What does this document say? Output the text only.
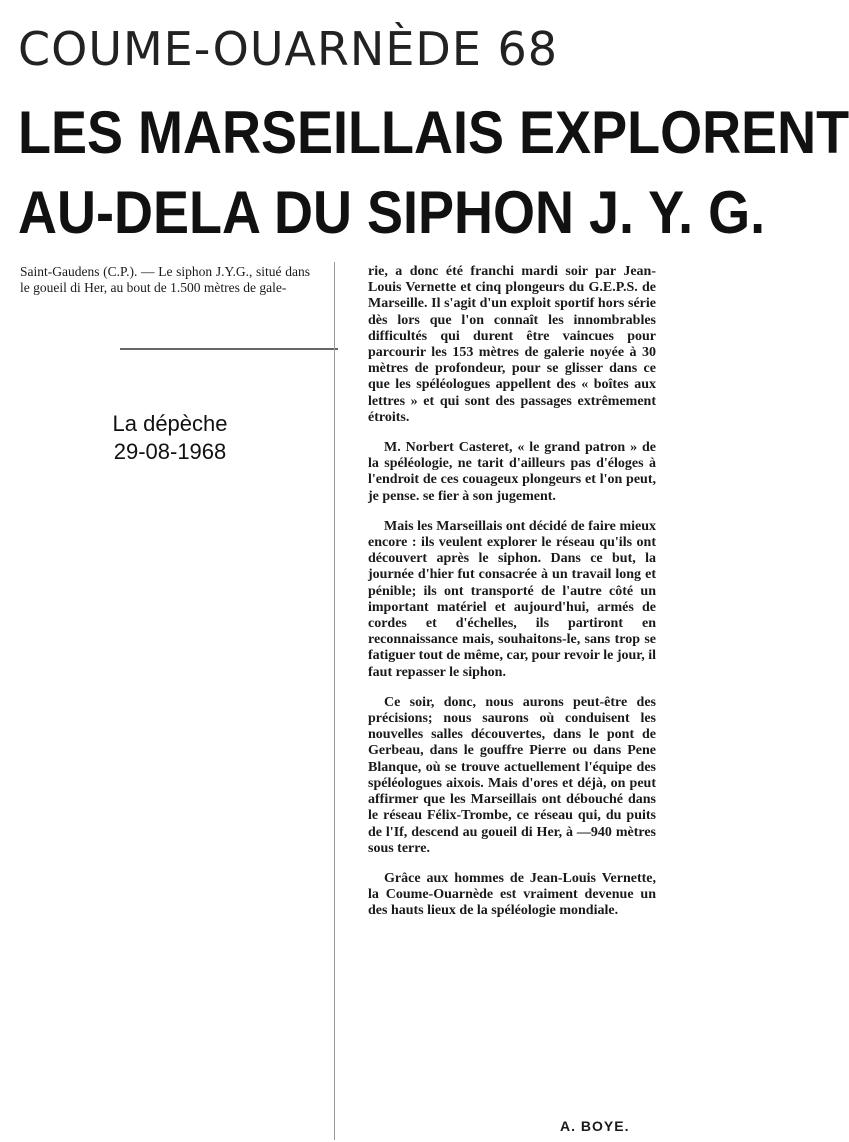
COUME-OUARNÈDE 68
LES MARSEILLAIS EXPLORENT
AU-DELA DU SIPHON J. Y. G.
Saint-Gaudens (C.P.). — Le siphon J.Y.G., situé dans le goueil di Her, au bout de 1.500 mètres de gale-
La dépèche
29-08-1968

rie, a donc été franchi mardi soir par Jean-Louis Vernette et cinq plongeurs du G.E.P.S. de Marseille. Il s'agit d'un exploit sportif hors série dès lors que l'on connaît les innombrables difficultés qui durent être vaincues pour parcourir les 153 mètres de galerie noyée à 30 mètres de profondeur, pour se glisser dans ce que les spéléologues appellent des « boîtes aux lettres » et qui sont des passages extrêmement étroits.

M. Norbert Casteret, « le grand patron » de la spéléologie, ne tarit d'ailleurs pas d'éloges à l'endroit de ces couageux plongeurs et l'on peut, je pense. se fier à son jugement.

Mais les Marseillais ont décidé de faire mieux encore : ils veulent explorer le réseau qu'ils ont découvert après le siphon. Dans ce but, la journée d'hier fut consacrée à un travail long et pénible; ils ont transporté de l'autre côté un important matériel et aujourd'hui, armés de cordes et d'échelles, ils partiront en reconnaissance mais, souhaitons-le, sans trop se fatiguer tout de même, car, pour revoir le jour, il faut repasser le siphon.

Ce soir, donc, nous aurons peut-être des précisions; nous saurons où conduisent les nouvelles salles découvertes, dans le pont de Gerbeau, dans le gouffre Pierre ou dans Pene Blanque, où se trouve actuellement l'équipe des spéléologues aixois. Mais d'ores et déjà, on peut affirmer que les Marseillais ont débouché dans le réseau Félix-Trombe, ce réseau qui, du puits de l'If, descend au goueil di Her, à —940 mètres sous terre.

Grâce aux hommes de Jean-Louis Vernette, la Coume-Ouarnède est vraiment devenue un des hauts lieux de la spéléologie mondiale.

A. BOYE.
